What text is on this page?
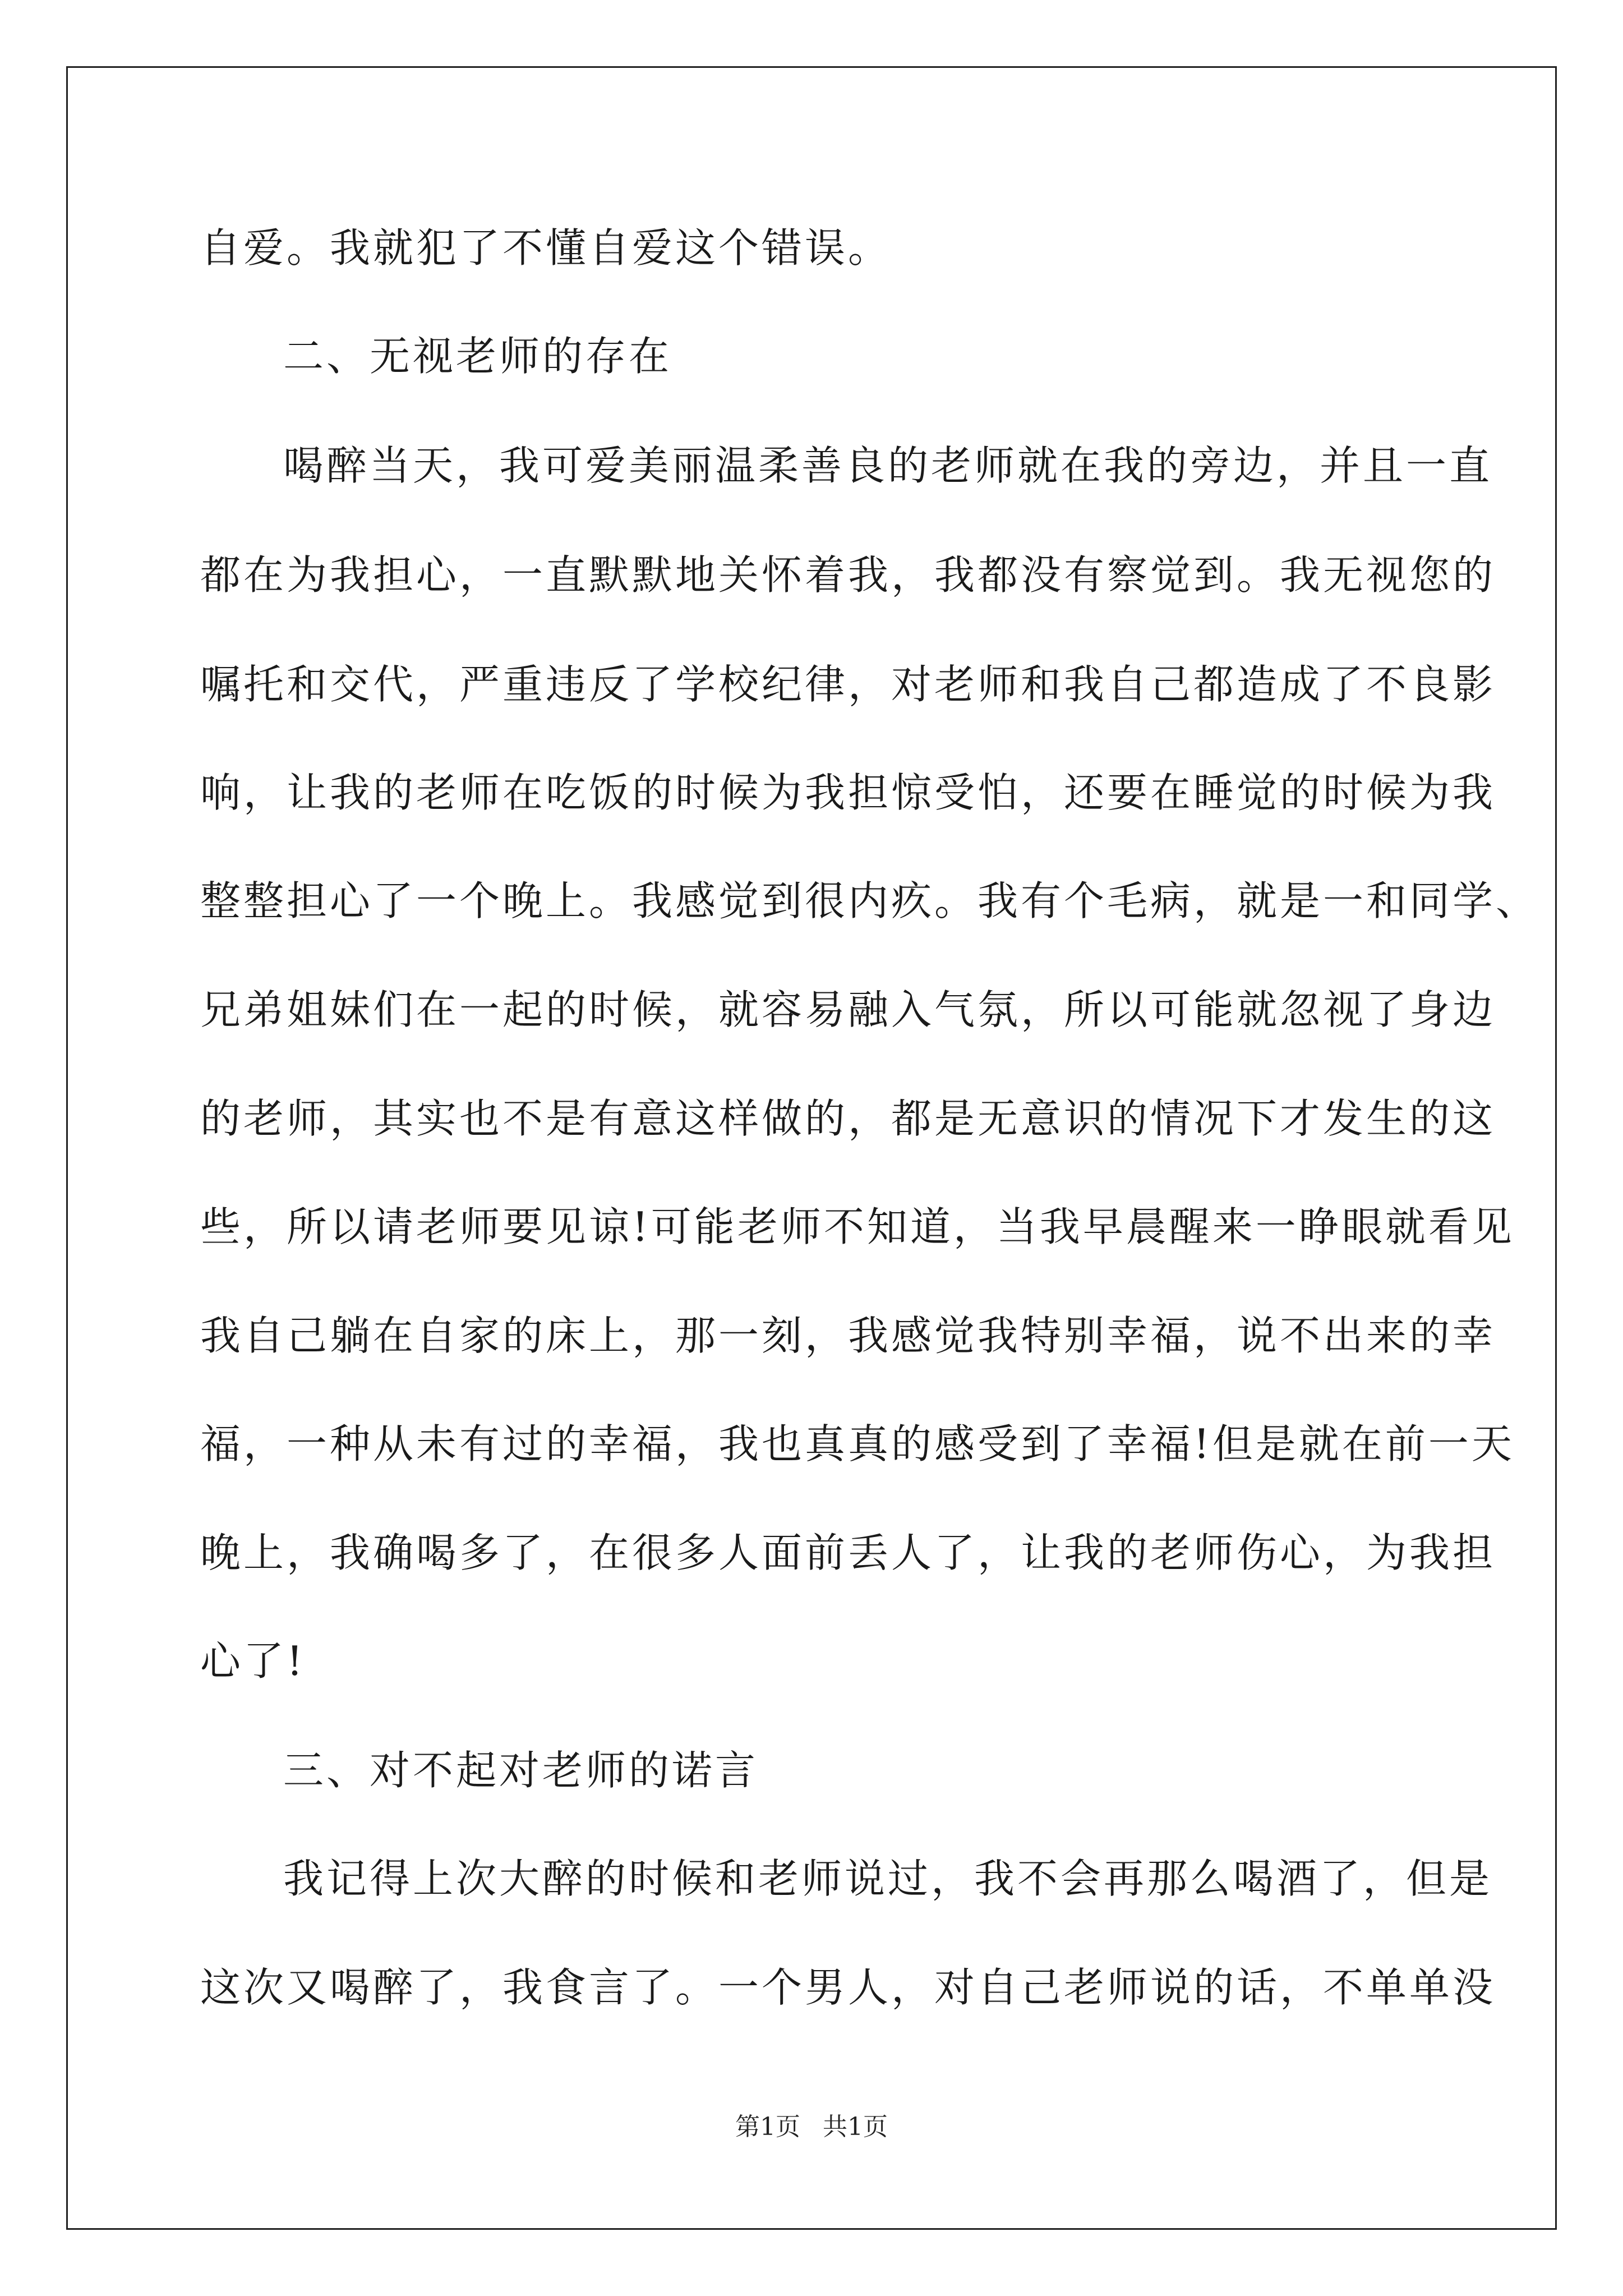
自爱。我就犯了不懂自爱这个错误。
二、无视老师的存在
喝醉当天，我可爱美丽温柔善良的老师就在我的旁边，并且一直
都在为我担心，一直默默地关怀着我，我都没有察觉到。我无视您的
嘱托和交代，严重违反了学校纪律，对老师和我自己都造成了不良影
响，让我的老师在吃饭的时候为我担惊受怕，还要在睡觉的时候为我
整整担心了一个晚上。我感觉到很内疚。我有个毛病，就是一和同学、
兄弟姐妹们在一起的时候，就容易融入气氛，所以可能就忽视了身边
的老师，其实也不是有意这样做的，都是无意识的情况下才发生的这
些，所以请老师要见谅!可能老师不知道，当我早晨醒来一睁眼就看见
我自己躺在自家的床上，那一刻，我感觉我特别幸福，说不出来的幸
福，一种从未有过的幸福，我也真真的感受到了幸福!但是就在前一天
晚上，我确喝多了，在很多人面前丢人了，让我的老师伤心，为我担
心了!
三、对不起对老师的诺言
我记得上次大醉的时候和老师说过，我不会再那么喝酒了，但是
这次又喝醉了，我食言了。一个男人，对自己老师说的话，不单单没
第1页 共1页
